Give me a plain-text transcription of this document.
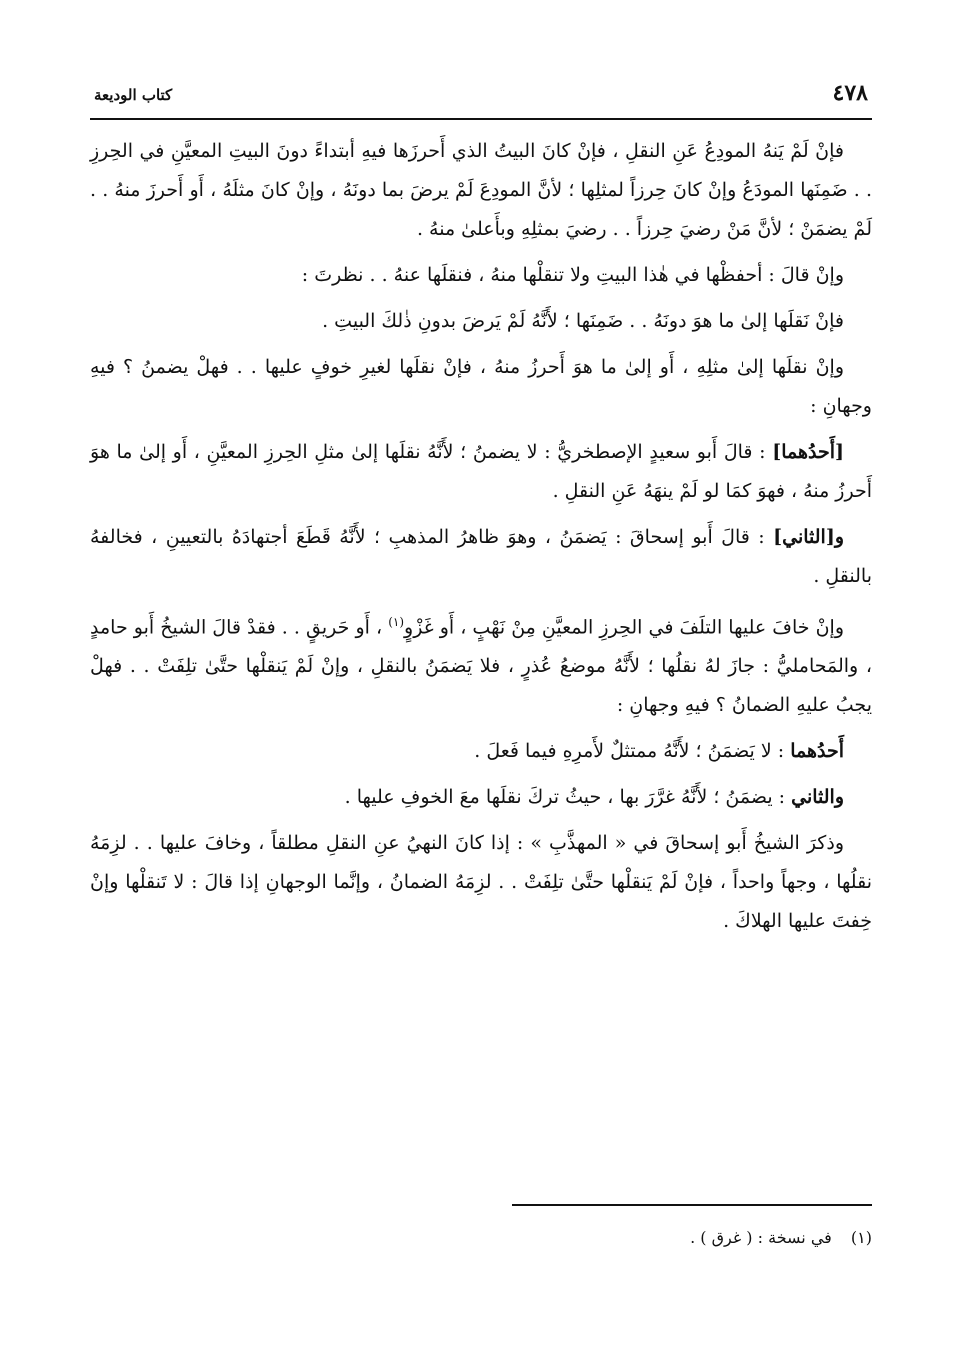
٤٧٨
كتاب الوديعة

فإنْ لَمْ يَنهُ المودِعُ عَنِ النقلِ ، فإنْ كانَ البيتُ الذي أَحرزَها فيهِ أبتداءً دونَ البيتِ المعيَّنِ في الحِرزِ . . ضَمِنَها المودَعُ وإنْ كانَ حِرزاً لمثلِها ؛ لأنَّ المودِعَ لَمْ يرضَ بما دونَهُ ، وإنْ كانَ مثلَهُ ، أَو أَحرزَ منهُ . . لَمْ يضمَنْ ؛ لأنَّ مَنْ رضيَ حِرزاً . . رضيَ بمثلِهِ وبأَعلىٰ منهُ .

وإنْ قالَ : أحفظْها في هٰذا البيتِ ولا تنقلْها منهُ ، فنقلَها عنهُ . . نظرتَ :

فإنْ نَقلَها إلىٰ ما هوَ دونَهُ . . ضَمِنَها ؛ لأَنَّهُ لَمْ يَرضَ بدونِ ذٰلكَ البيتِ .

وإنْ نقلَها إلىٰ مثلِهِ ، أَو إلىٰ ما هوَ أَحرزُ منهُ ، فإنْ نقلَها لغيرِ خوفٍ عليها . . فهلْ يضمنُ ؟ فيهِ وجهانِ :

[أَحدُهما] : قالَ أَبو سعيدٍ الإصطخريُّ : لا يضمنُ ؛ لأَنَّهُ نقلَها إلىٰ مثلِ الحِرزِ المعيَّنِ ، أَو إلىٰ ما هوَ أَحرزُ منهُ ، فهوَ كمَا لو لَمْ ينهَهُ عَنِ النقلِ .

و[الثاني] : قالَ أَبو إسحاقَ : يَضمَنُ ، وهوَ ظاهرُ المذهبِ ؛ لأَنَّهُ قَطَعَ أجتهادَهُ بالتعيينِ ، فخالفهُ بالنقلِ .

وإنْ خافَ عليها التلَفَ في الحِرزِ المعيَّنِ مِنْ نَهْبٍ ، أَو غَزْوٍ$^{(١)}$ ، أَو حَريقٍ . . فقدْ قالَ الشيخُ أَبو حامدٍ ، والمَحامليُّ : جازَ لهُ نقلُها ؛ لأَنَّهُ موضعُ عُذرٍ ، فلا يَضمَنُ بالنقلِ ، وإنْ لَمْ يَنقلْها حتَّىٰ تلِفَتْ . . فهلْ يجبُ عليهِ الضمانُ ؟ فيهِ وجهانِ :

أَحدُهما : لا يَضمَنُ ؛ لأَنَّهُ ممتثلٌ لأَمرِهِ فيما فَعلَ .

والثاني : يضمَنُ ؛ لأَنَّهُ غرَّرَ بها ، حيثُ تركَ نقلَها معَ الخوفِ عليها .

وذكرَ الشيخُ أَبو إسحاقَ في « المهذَّبِ » : إذا كانَ النهيُ عنِ النقلِ مطلقاً ، وخافَ عليها . . لزِمَهُ نقلُها ، وجهاً واحداً ، فإنْ لَمْ يَنقلْها حتَّىٰ تلِفَتْ . . لزِمَهُ الضمانُ ، وإنَّما الوجهانِ إذا قالَ : لا تَنقلْها وإنْ خِفتَ عليها الهلاكَ .

(١) في نسخة : ( غرق ) .
